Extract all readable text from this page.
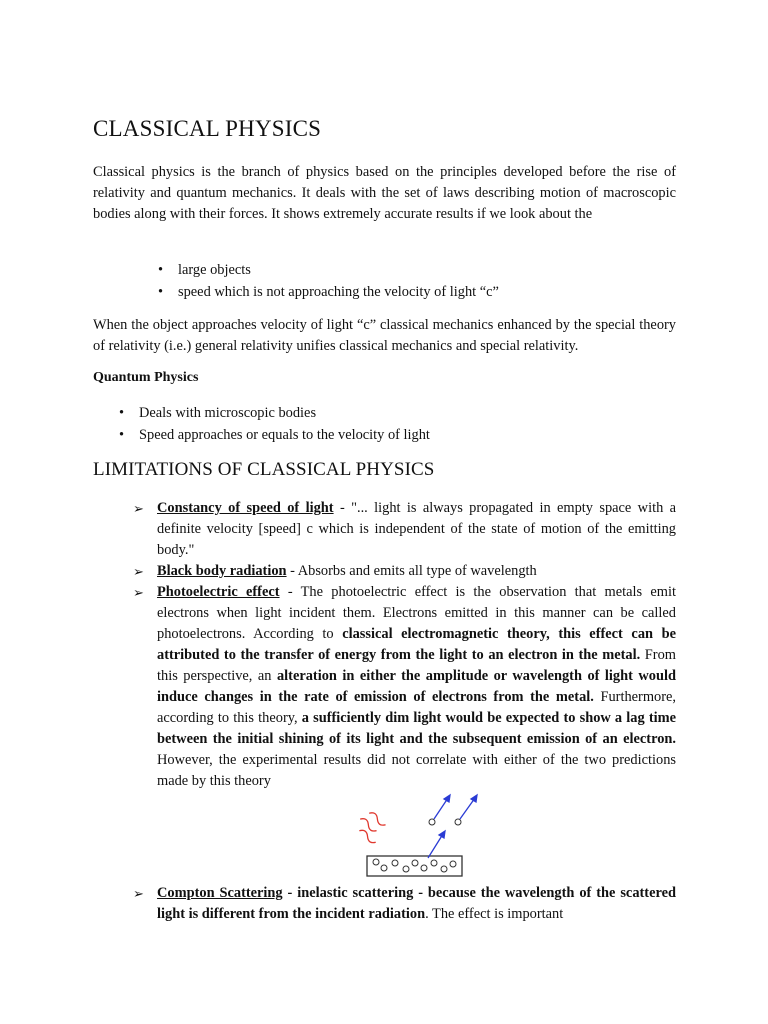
CLASSICAL PHYSICS

Classical physics is the branch of physics based on the principles developed before the rise of relativity and quantum mechanics. It deals with the set of laws describing motion of macroscopic bodies along with their forces. It shows extremely accurate results if we look about the

• large objects
• speed which is not approaching the velocity of light “c”

When the object approaches velocity of light “c” classical mechanics enhanced by the special theory of relativity (i.e.) general relativity unifies classical mechanics and special relativity.

Quantum Physics
• Deals with microscopic bodies
• Speed approaches or equals to the velocity of light
LIMITATIONS OF CLASSICAL PHYSICS
➢ Constancy of speed of light - "... light is always propagated in empty space with a definite velocity [speed] c which is independent of the state of motion of the emitting body."
➢ Black body radiation - Absorbs and emits all type of wavelength
➢ Photoelectric effect - The photoelectric effect is the observation that metals emit electrons when light incident them. Electrons emitted in this manner can be called photoelectrons. According to classical electromagnetic theory, this effect can be attributed to the transfer of energy from the light to an electron in the metal. From this perspective, an alteration in either the amplitude or wavelength of light would induce changes in the rate of emission of electrons from the metal. Furthermore, according to this theory, a sufficiently dim light would be expected to show a lag time between the initial shining of its light and the subsequent emission of an electron. However, the experimental results did not correlate with either of the two predictions made by this theory
➢ Compton Scattering - inelastic scattering - because the wavelength of the scattered light is different from the incident radiation. The effect is important
